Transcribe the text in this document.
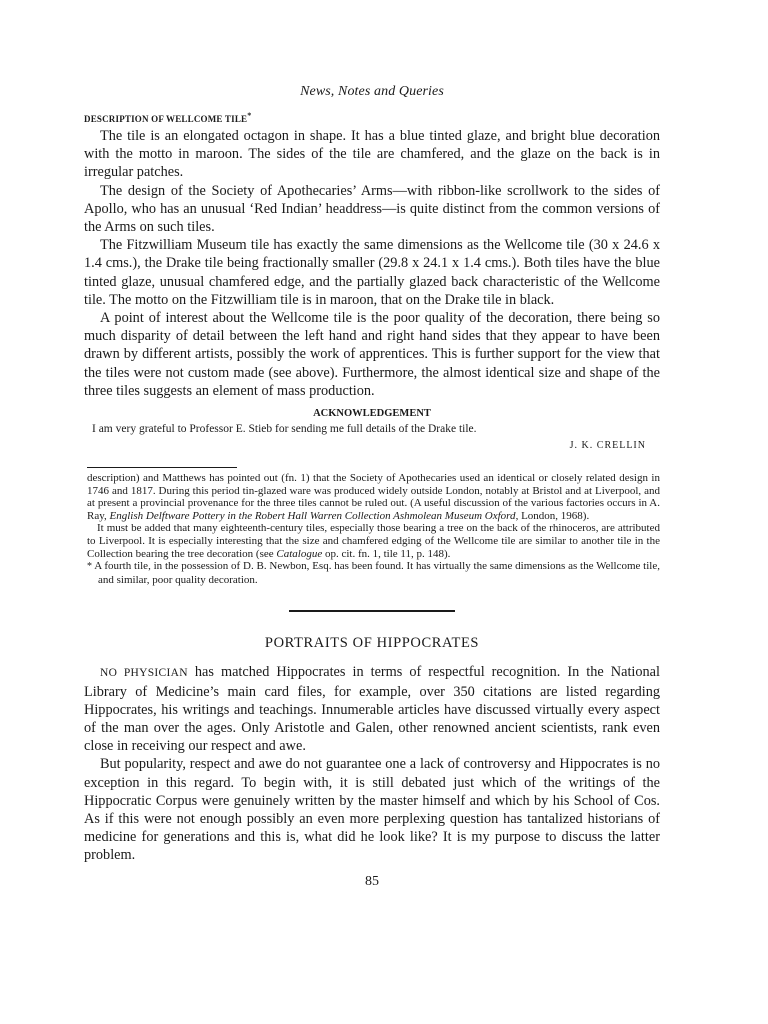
News, Notes and Queries
DESCRIPTION OF WELLCOME TILE*

The tile is an elongated octagon in shape. It has a blue tinted glaze, and bright blue decoration with the motto in maroon. The sides of the tile are chamfered, and the glaze on the back is in irregular patches.

The design of the Society of Apothecaries’ Arms—with ribbon-like scrollwork to the sides of Apollo, who has an unusual ‘Red Indian’ headdress—is quite distinct from the common versions of the Arms on such tiles.

The Fitzwilliam Museum tile has exactly the same dimensions as the Wellcome tile (30 x 24.6 x 1.4 cms.), the Drake tile being fractionally smaller (29.8 x 24.1 x 1.4 cms.). Both tiles have the blue tinted glaze, unusual chamfered edge, and the partially glazed back characteristic of the Wellcome tile. The motto on the Fitzwilliam tile is in maroon, that on the Drake tile in black.

A point of interest about the Wellcome tile is the poor quality of the decoration, there being so much disparity of detail between the left hand and right hand sides that they appear to have been drawn by different artists, possibly the work of apprentices. This is further support for the view that the tiles were not custom made (see above). Furthermore, the almost identical size and shape of the three tiles suggests an element of mass production.

ACKNOWLEDGEMENT

I am very grateful to Professor E. Stieb for sending me full details of the Drake tile.

J. K. CRELLIN

description) and Matthews has pointed out (fn. 1) that the Society of Apothecaries used an identical or closely related design in 1746 and 1817. During this period tin-glazed ware was produced widely outside London, notably at Bristol and at Liverpool, and at present a provincial provenance for the three tiles cannot be ruled out. (A useful discussion of the various factories occurs in A. Ray, English Delftware Pottery in the Robert Hall Warren Collection Ashmolean Museum Oxford, London, 1968).

It must be added that many eighteenth-century tiles, especially those bearing a tree on the back of the rhinoceros, are attributed to Liverpool. It is especially interesting that the size and chamfered edging of the Wellcome tile are similar to another tile in the Collection bearing the tree decoration (see Catalogue op. cit. fn. 1, tile 11, p. 148).

* A fourth tile, in the possession of D. B. Newbon, Esq. has been found. It has virtually the same dimensions as the Wellcome tile, and similar, poor quality decoration.

PORTRAITS OF HIPPOCRATES

NO PHYSICIAN has matched Hippocrates in terms of respectful recognition. In the National Library of Medicine’s main card files, for example, over 350 citations are listed regarding Hippocrates, his writings and teachings. Innumerable articles have discussed virtually every aspect of the man over the ages. Only Aristotle and Galen, other renowned ancient scientists, rank even close in receiving our respect and awe.

But popularity, respect and awe do not guarantee one a lack of controversy and Hippocrates is no exception in this regard. To begin with, it is still debated just which of the writings of the Hippocratic Corpus were genuinely written by the master himself and which by his School of Cos. As if this were not enough possibly an even more perplexing question has tantalized historians of medicine for generations and this is, what did he look like? It is my purpose to discuss the latter problem.

85
